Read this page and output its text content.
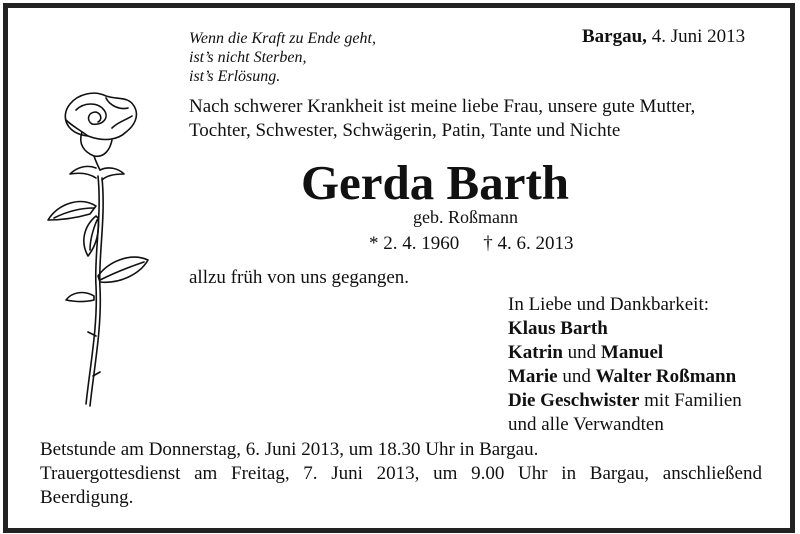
Wenn die Kraft zu Ende geht,
ist’s nicht Sterben,
ist’s Erlösung.
Bargau, 4. Juni 2013
Nach schwerer Krankheit ist meine liebe Frau, unsere gute Mutter,
Tochter, Schwester, Schwägerin, Patin, Tante und Nichte
Gerda Barth
geb. Roßmann
* 2. 4. 1960 † 4. 6. 2013
allzu früh von uns gegangen.
In Liebe und Dankbarkeit:
Klaus Barth
Katrin und Manuel
Marie und Walter Roßmann
Die Geschwister mit Familien
und alle Verwandten
Betstunde am Donnerstag, 6. Juni 2013, um 18.30 Uhr in Bargau.
Trauergottesdienst am Freitag, 7. Juni 2013, um 9.00 Uhr in Bargau, anschließend
Beerdigung.
